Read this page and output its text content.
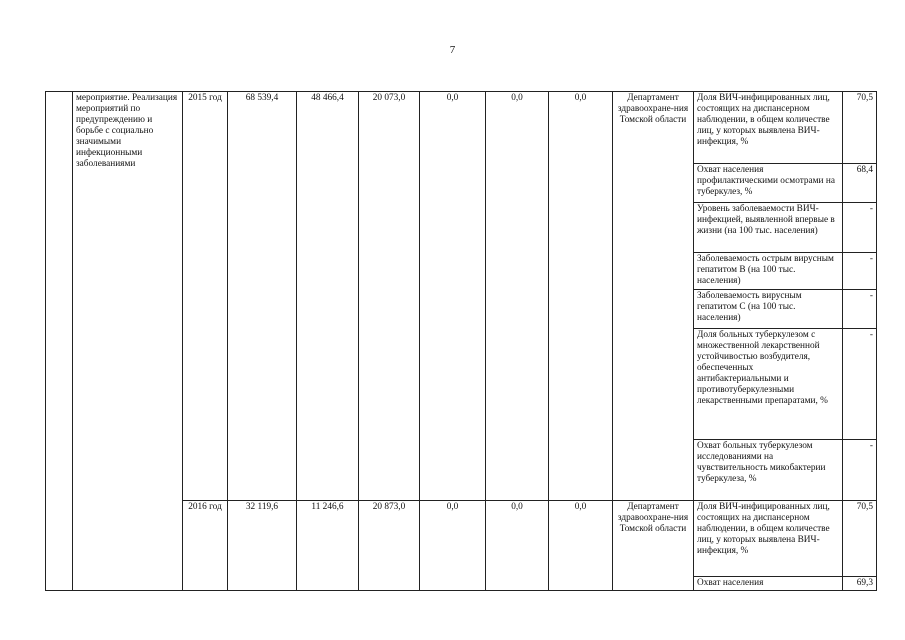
7
	мероприятие. Реализация мероприятий по предупреждению и борьбе с социально значимыми инфекционными заболеваниями	2015 год	68 539,4	48 466,4	20 073,0	0,0	0,0	0,0	Департамент здравоохране-ния Томской области	Доля ВИЧ-инфицированных лиц, состоящих на диспансерном наблюдении, в общем количестве лиц, у которых выявлена ВИЧ-инфекция, %	70,5
										Охват населения профилактическими осмотрами на туберкулез, %	68,4
										Уровень заболеваемости ВИЧ-инфекцией, выявленной впервые в жизни (на 100 тыс. населения)	-
										Заболеваемость острым вирусным гепатитом В (на 100 тыс. населения)	-
										Заболеваемость вирусным гепатитом С (на 100 тыс. населения)	-
										Доля больных туберкулезом с множественной лекарственной устойчивостью возбудителя, обеспеченных антибактериальными и противотуберкулезными лекарственными препаратами, %	-
										Охват больных туберкулезом исследованиями на чувствительность микобактерии туберкулеза, %	-
		2016 год	32 119,6	11 246,6	20 873,0	0,0	0,0	0,0	Департамент здравоохране-ния Томской области	Доля ВИЧ-инфицированных лиц, состоящих на диспансерном наблюдении, в общем количестве лиц, у которых выявлена ВИЧ-инфекция, %	70,5
										Охват населения	69,3
